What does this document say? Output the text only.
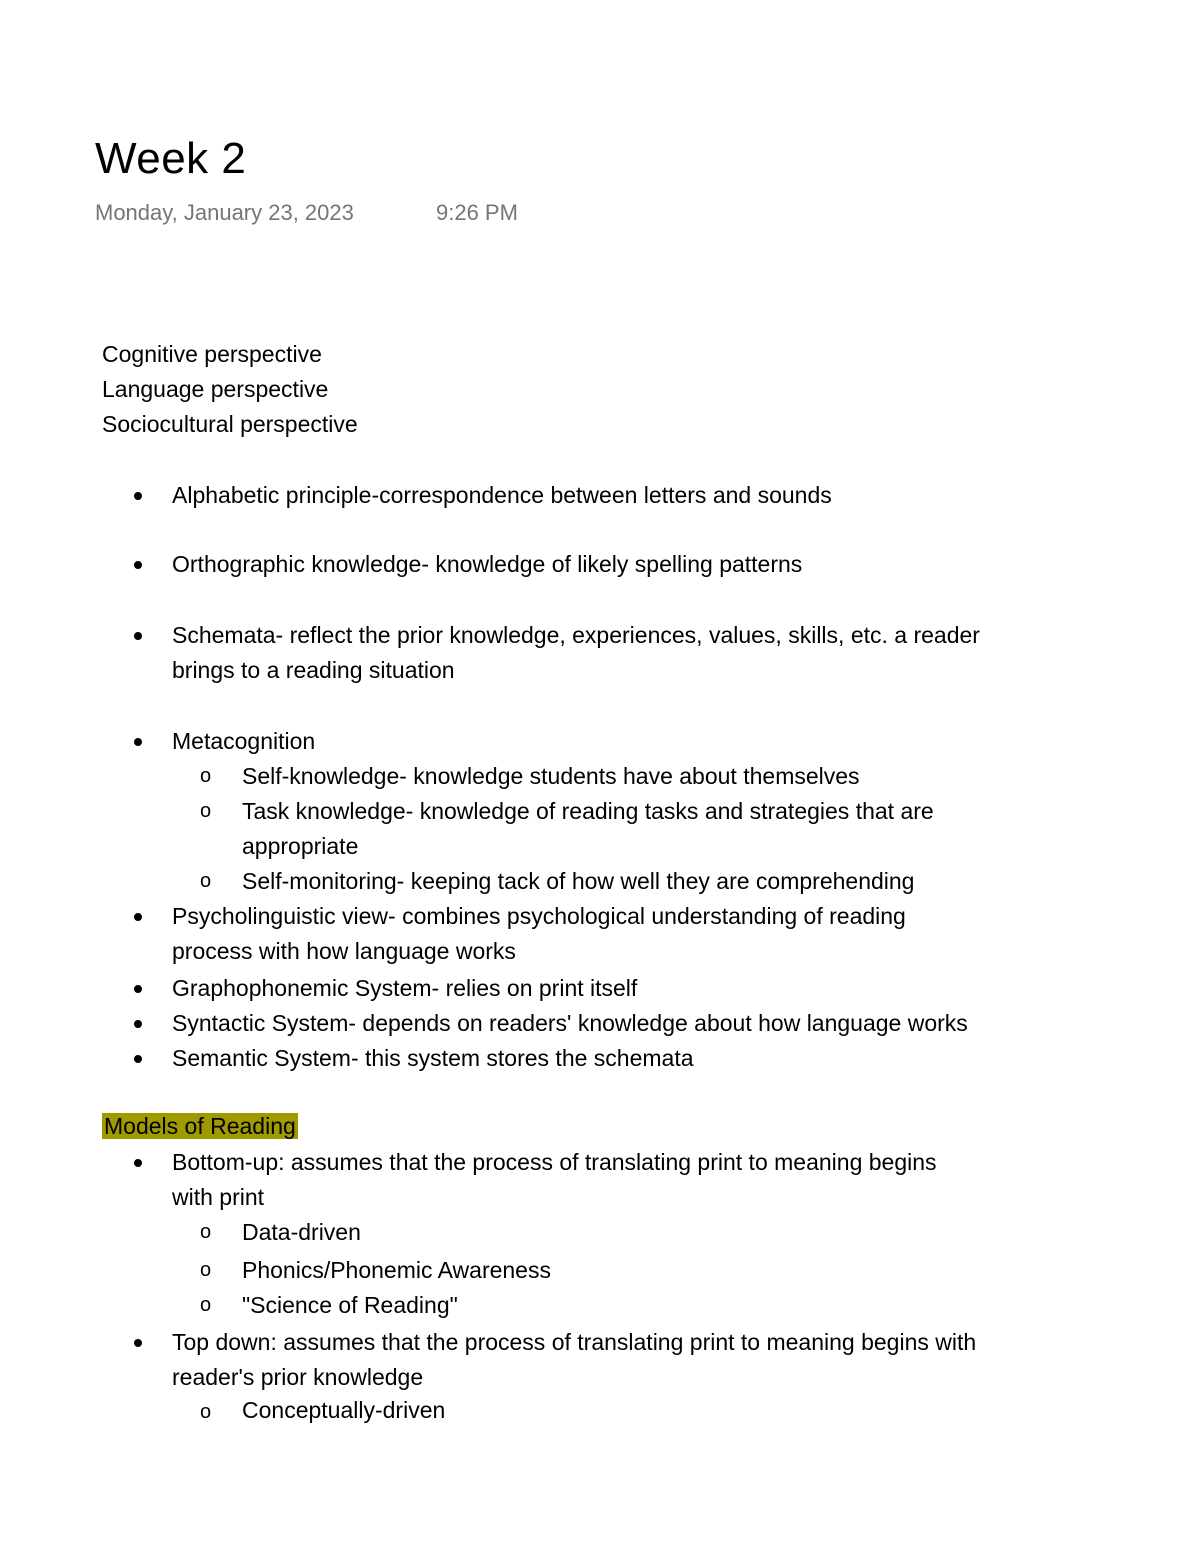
Week 2
Monday, January 23, 2023	9:26 PM
Cognitive perspective
Language perspective
Sociocultural perspective
Alphabetic principle-correspondence between letters and sounds
Orthographic knowledge- knowledge of likely spelling patterns
Schemata- reflect the prior knowledge, experiences, values, skills, etc. a reader
brings to a reading situation
Metacognition
o Self-knowledge- knowledge students have about themselves
o Task knowledge- knowledge of reading tasks and strategies that are
appropriate
o Self-monitoring- keeping tack of how well they are comprehending
Psycholinguistic view- combines psychological understanding of reading
process with how language works
Graphophonemic System- relies on print itself
Syntactic System- depends on readers' knowledge about how language works
Semantic System- this system stores the schemata
Models of Reading
Bottom-up: assumes that the process of translating print to meaning begins
with print
o Data-driven
o Phonics/Phonemic Awareness
o "Science of Reading"
Top down: assumes that the process of translating print to meaning begins with
reader's prior knowledge
o Conceptually-driven
